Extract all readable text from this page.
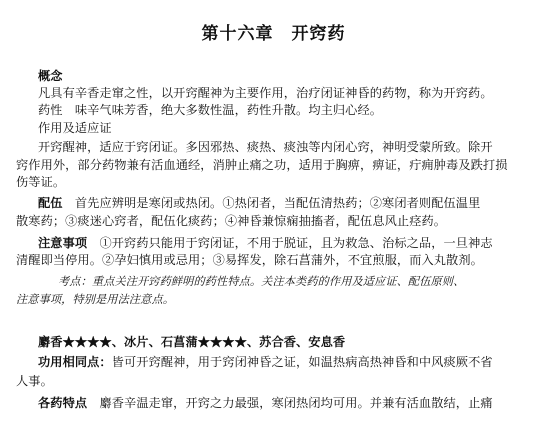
第十六章　开窍药
概念
凡具有辛香走窜之性，以开窍醒神为主要作用，治疗闭证神昏的药物，称为开窍药。
药性　味辛气味芳香，绝大多数性温，药性升散。均主归心经。
作用及适应证
开窍醒神，适应于窍闭证。多因邪热、痰热、痰浊等内闭心窍，神明受蒙所致。除开
窍作用外，部分药物兼有活血通经，消肿止痛之功，适用于胸痹，痹证，疔痈肿毒及跌打损
伤等证。
配伍　 首先应辨明是寒闭或热闭。①热闭者，当配伍清热药；②寒闭者则配伍温里
散寒药；③痰迷心窍者，配伍化痰药；④神昏兼惊痫抽搐者，配伍息风止痉药。
注意事项　 ①开窍药只能用于窍闭证，不用于脱证，且为救急、治标之品，一旦神志
清醒即当停用。②孕妇慎用或忌用；③易挥发，除石菖蒲外，不宜煎服，而入丸散剂。
考点：重点关注开窍药鲜明的药性特点。关注本类药的作用及适应证、配伍原则、
注意事项，特别是用法注意点。
麝香★★★★、冰片、石菖蒲★★★★、苏合香、安息香
功用相同点：皆可开窍醒神，用于窍闭神昏之证，如温热病高热神昏和中风痰厥不省
人事。
各药特点　 麝香辛温走窜，开窍之力最强，寒闭热闭均可用。并兼有活血散结，止痛
